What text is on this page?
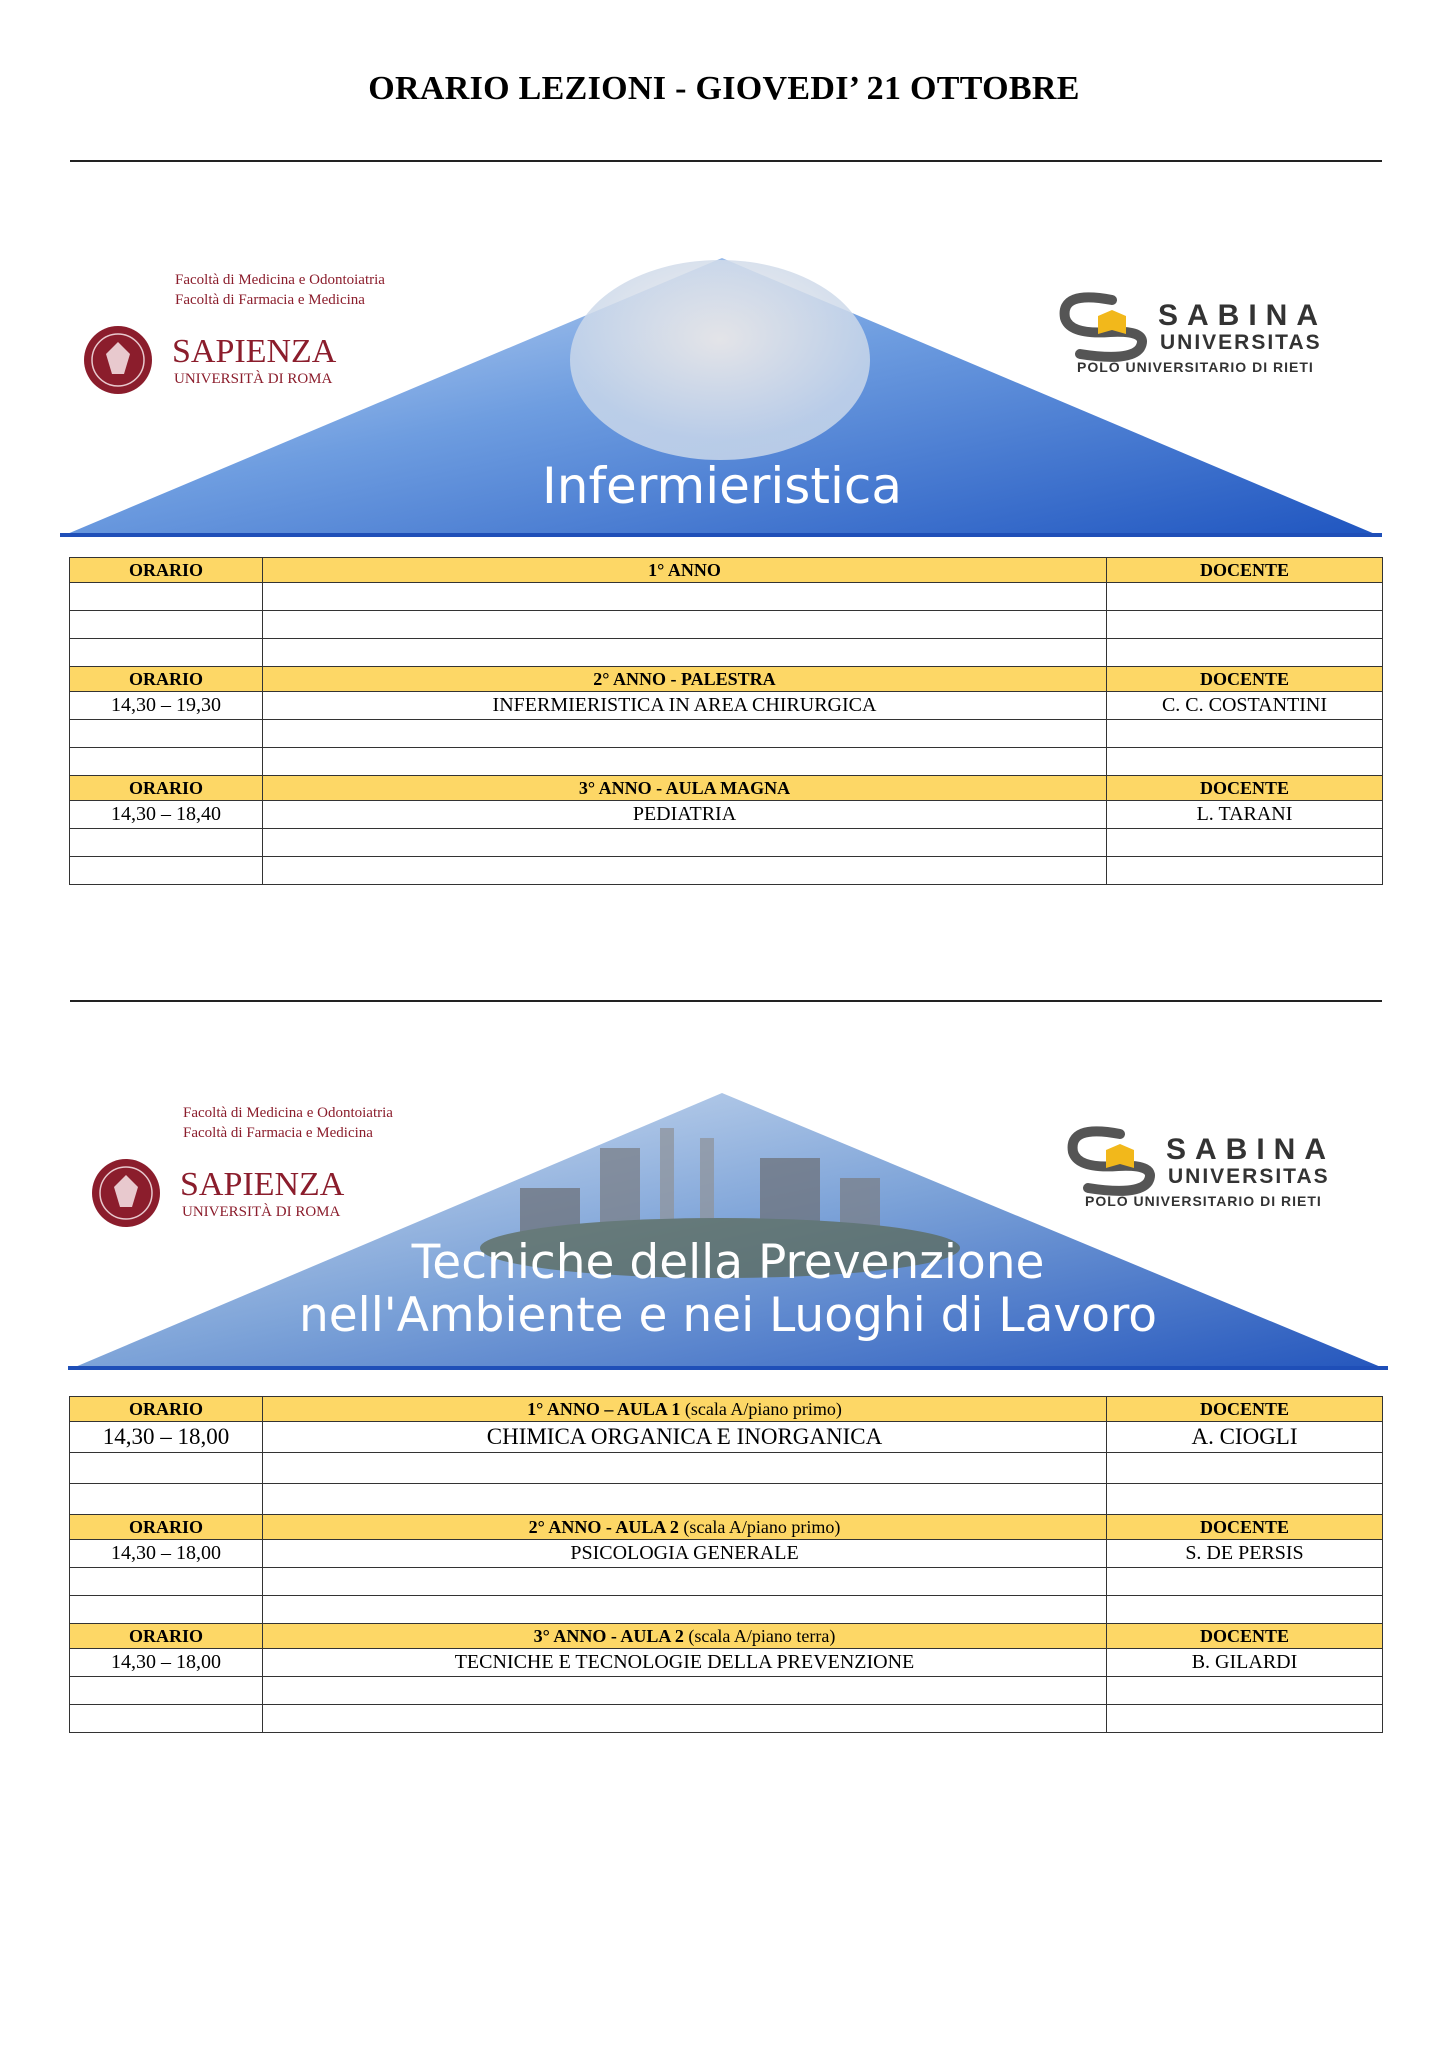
ORARIO LEZIONI - GIOVEDI’ 21 OTTOBRE
Facoltà di Medicina e Odontoiatria
Facoltà di Farmacia e Medicina
SAPIENZA
UNIVERSITÀ DI ROMA
SABINA
UNIVERSITAS
POLO UNIVERSITARIO DI RIETI
Infermieristica
ORARIO	1° ANNO	DOCENTE

ORARIO	2° ANNO - PALESTRA	DOCENTE
14,30 – 19,30	INFERMIERISTICA IN AREA CHIRURGICA	C. C. COSTANTINI

ORARIO	3° ANNO - AULA MAGNA	DOCENTE
14,30 – 18,40	PEDIATRIA	L. TARANI

Facoltà di Medicina e Odontoiatria
Facoltà di Farmacia e Medicina
SAPIENZA
UNIVERSITÀ DI ROMA
SABINA
UNIVERSITAS
POLO UNIVERSITARIO DI RIETI
Tecniche della Prevenzione
nell'Ambiente e nei Luoghi di Lavoro
ORARIO	1° ANNO – AULA 1 (scala A/piano primo)	DOCENTE
14,30 – 18,00	CHIMICA ORGANICA E INORGANICA	A. CIOGLI

ORARIO	2° ANNO - AULA 2 (scala A/piano primo)	DOCENTE
14,30 – 18,00	PSICOLOGIA GENERALE	S. DE PERSIS

ORARIO	3° ANNO - AULA 2 (scala A/piano terra)	DOCENTE
14,30 – 18,00	TECNICHE E TECNOLOGIE DELLA PREVENZIONE	B. GILARDI
